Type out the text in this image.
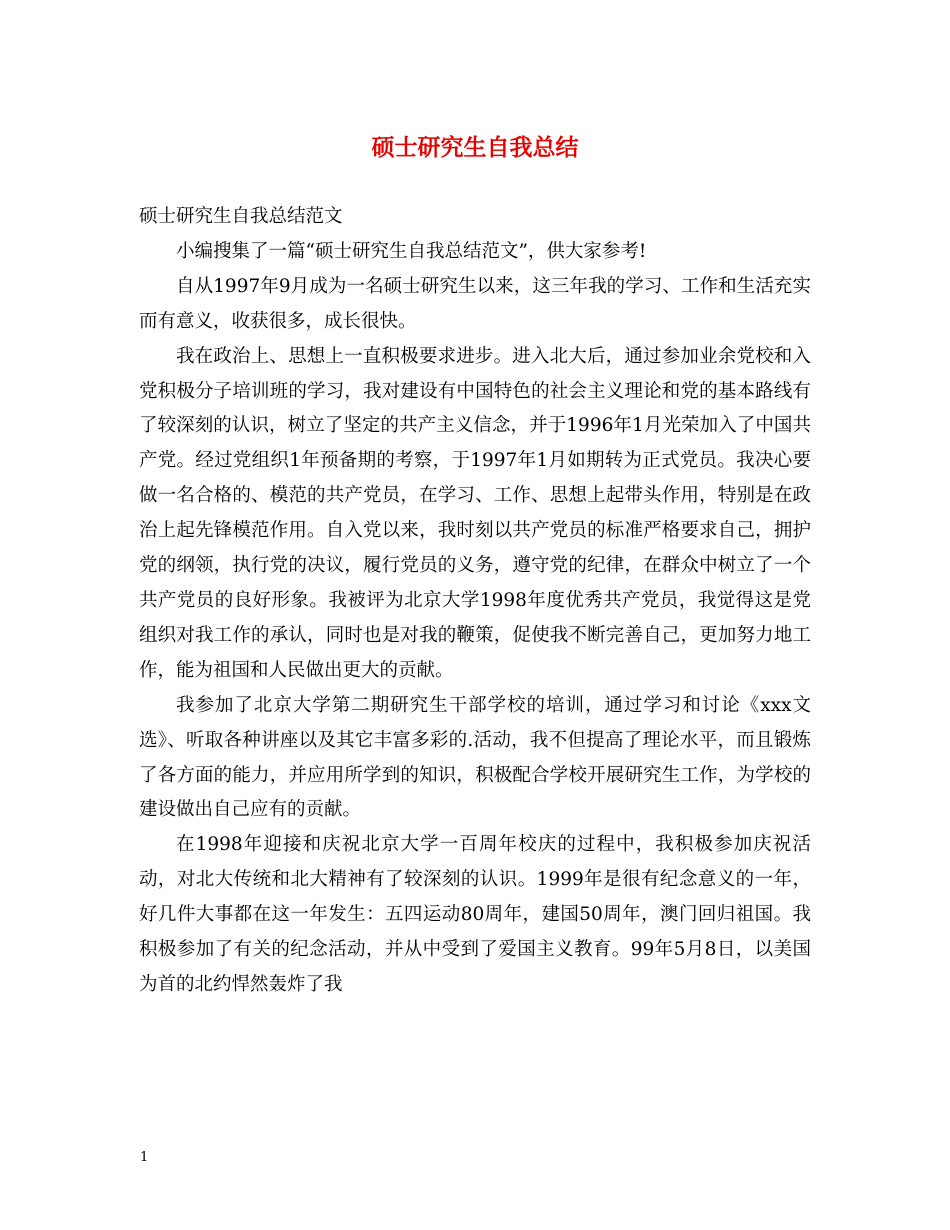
硕士研究生自我总结

硕士研究生自我总结范文

小编搜集了一篇“硕士研究生自我总结范文”，供大家参考!

自从1997年9月成为一名硕士研究生以来，这三年我的学习、工作和生活充实而有意义，收获很多，成长很快。

我在政治上、思想上一直积极要求进步。进入北大后，通过参加业余党校和入党积极分子培训班的学习，我对建设有中国特色的社会主义理论和党的基本路线有了较深刻的认识，树立了坚定的共产主义信念，并于1996年1月光荣加入了中国共产党。经过党组织1年预备期的考察，于1997年1月如期转为正式党员。我决心要做一名合格的、模范的共产党员，在学习、工作、思想上起带头作用，特别是在政治上起先锋模范作用。自入党以来，我时刻以共产党员的标准严格要求自己，拥护党的纲领，执行党的决议，履行党员的义务，遵守党的纪律，在群众中树立了一个共产党员的良好形象。我被评为北京大学1998年度优秀共产党员，我觉得这是党组织对我工作的承认，同时也是对我的鞭策，促使我不断完善自己，更加努力地工作，能为祖国和人民做出更大的贡献。

我参加了北京大学第二期研究生干部学校的培训，通过学习和讨论《xxx文选》、听取各种讲座以及其它丰富多彩的.活动，我不但提高了理论水平，而且锻炼了各方面的能力，并应用所学到的知识，积极配合学校开展研究生工作，为学校的建设做出自己应有的贡献。

在1998年迎接和庆祝北京大学一百周年校庆的过程中，我积极参加庆祝活动，对北大传统和北大精神有了较深刻的认识。1999年是很有纪念意义的一年，好几件大事都在这一年发生：五四运动80周年，建国50周年，澳门回归祖国。我积极参加了有关的纪念活动，并从中受到了爱国主义教育。99年5月8日，以美国为首的北约悍然轰炸了我

1
